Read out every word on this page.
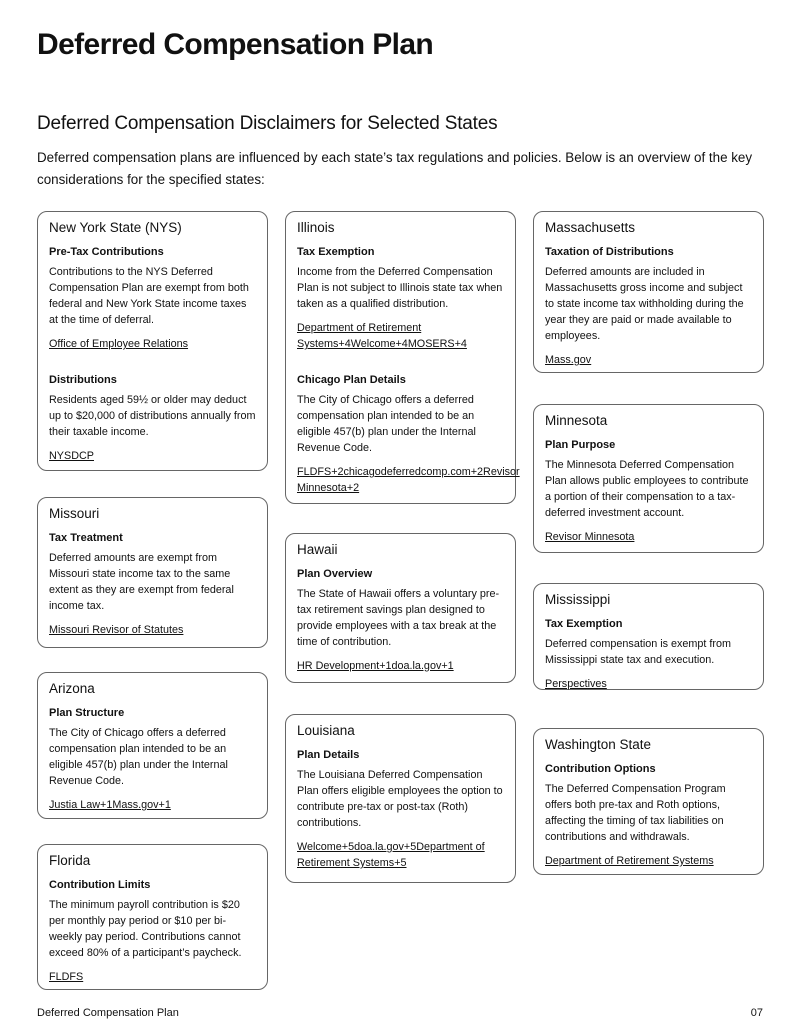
Deferred Compensation Plan
Deferred Compensation Disclaimers for Selected States

Deferred compensation plans are influenced by each state’s tax regulations and policies. Below is an overview of the key considerations for the specified states:

New York State (NYS)
Pre-Tax Contributions

Contributions to the NYS Deferred Compensation Plan are exempt from both federal and New York State income taxes at the time of deferral.

Office of Employee Relations
Distributions

Residents aged 59½ or older may deduct up to $20,000 of distributions annually from their taxable income.

NYSDCP
Missouri
Tax Treatment

Deferred amounts are exempt from Missouri state income tax to the same extent as they are exempt from federal income tax.

Missouri Revisor of Statutes
Arizona
Plan Structure

The City of Chicago offers a deferred compensation plan intended to be an eligible 457(b) plan under the Internal Revenue Code.

Justia Law+1Mass.gov+1
Florida
Contribution Limits

The minimum payroll contribution is $20 per monthly pay period or $10 per bi-weekly pay period. Contributions cannot exceed 80% of a participant’s paycheck.

FLDFS
Illinois
Tax Exemption

Income from the Deferred Compensation Plan is not subject to Illinois state tax when taken as a qualified distribution.

Department of Retirement Systems+4Welcome+4MOSERS+4
Chicago Plan Details

The City of Chicago offers a deferred compensation plan intended to be an eligible 457(b) plan under the Internal Revenue Code.

FLDFS+2chicagodeferredcomp.com+2Revisor Minnesota+2
Hawaii
Plan Overview

The State of Hawaii offers a voluntary pre-tax retirement savings plan designed to provide employees with a tax break at the time of contribution.

HR Development+1doa.la.gov+1
Louisiana
Plan Details

The Louisiana Deferred Compensation Plan offers eligible employees the option to contribute pre-tax or post-tax (Roth) contributions.

Welcome+5doa.la.gov+5Department of Retirement Systems+5
Massachusetts
Taxation of Distributions

Deferred amounts are included in Massachusetts gross income and subject to state income tax withholding during the year they are paid or made available to employees.

Mass.gov
Minnesota
Plan Purpose

The Minnesota Deferred Compensation Plan allows public employees to contribute a portion of their compensation to a tax-deferred investment account.

Revisor Minnesota
Mississippi
Tax Exemption

Deferred compensation is exempt from Mississippi state tax and execution.

Perspectives
Washington State
Contribution Options

The Deferred Compensation Program offers both pre-tax and Roth options, affecting the timing of tax liabilities on contributions and withdrawals.

Department of Retirement Systems
Deferred Compensation Plan	07
